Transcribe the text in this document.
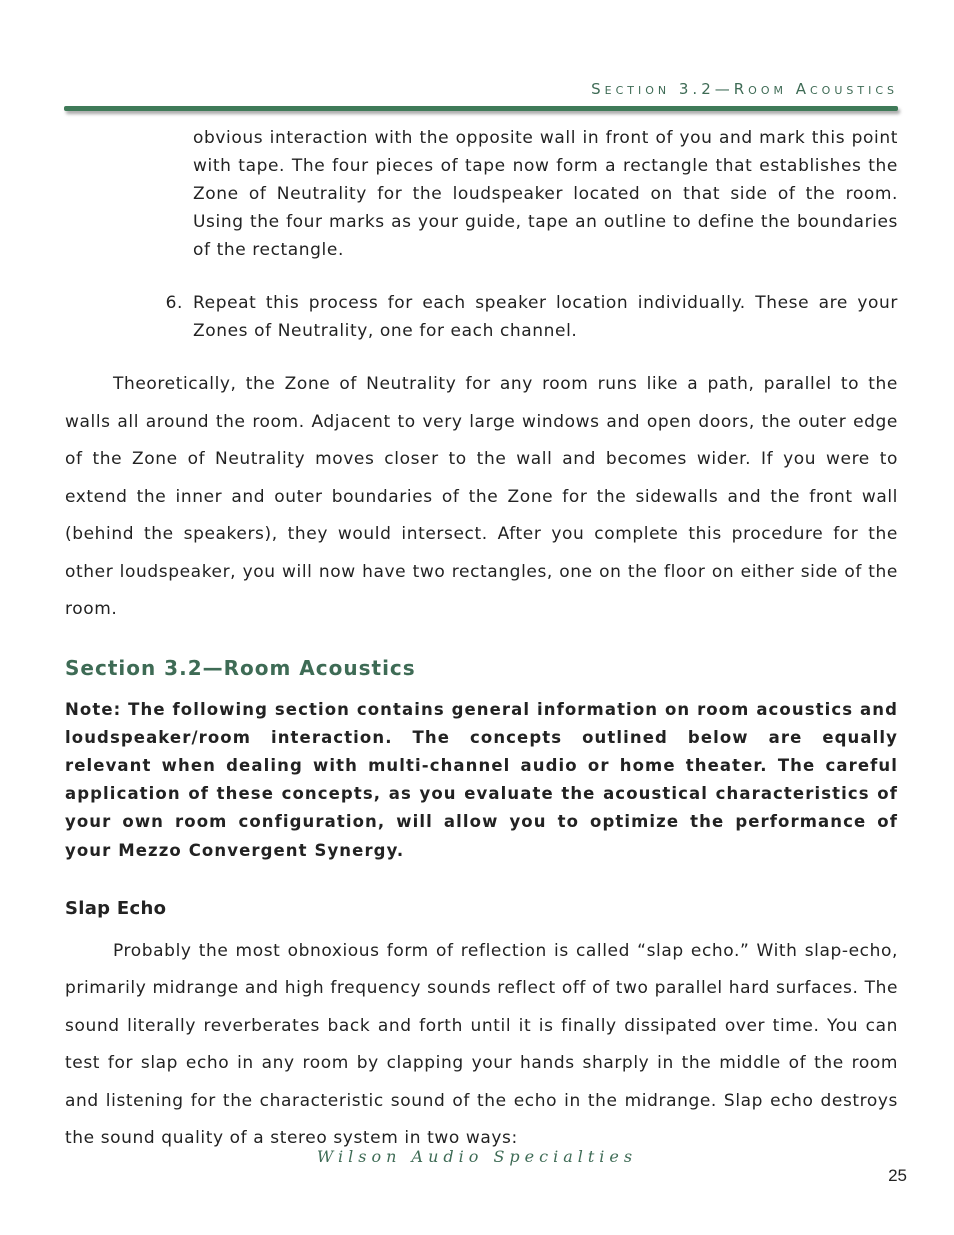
Section 3.2—Room Acoustics
obvious interaction with the opposite wall in front of you and mark this point with tape. The four pieces of tape now form a rectangle that establishes the Zone of Neutrality for the loudspeaker located on that side of the room. Using the four marks as your guide, tape an outline to define the boundaries of the rectangle.
6. Repeat this process for each speaker location individually. These are your Zones of Neutrality, one for each channel.

Theoretically, the Zone of Neutrality for any room runs like a path, parallel to the walls all around the room. Adjacent to very large windows and open doors, the outer edge of the Zone of Neutrality moves closer to the wall and becomes wider. If you were to extend the inner and outer boundaries of the Zone for the sidewalls and the front wall (behind the speakers), they would intersect. After you complete this procedure for the other loudspeaker, you will now have two rectangles, one on the floor on either side of the room.

Section 3.2—Room Acoustics
Note: The following section contains general information on room acoustics and loudspeaker/room interaction. The concepts outlined below are equally relevant when dealing with multi-channel audio or home theater. The careful application of these concepts, as you evaluate the acoustical characteristics of your own room configuration, will allow you to optimize the performance of your Mezzo Convergent Synergy.
Slap Echo

Probably the most obnoxious form of reflection is called “slap echo.” With slap-echo, primarily midrange and high frequency sounds reflect off of two parallel hard surfaces. The sound literally reverberates back and forth until it is finally dissipated over time. You can test for slap echo in any room by clapping your hands sharply in the middle of the room and listening for the characteristic sound of the echo in the midrange. Slap echo destroys the sound quality of a stereo system in two ways:

Wilson Audio Specialties
25
